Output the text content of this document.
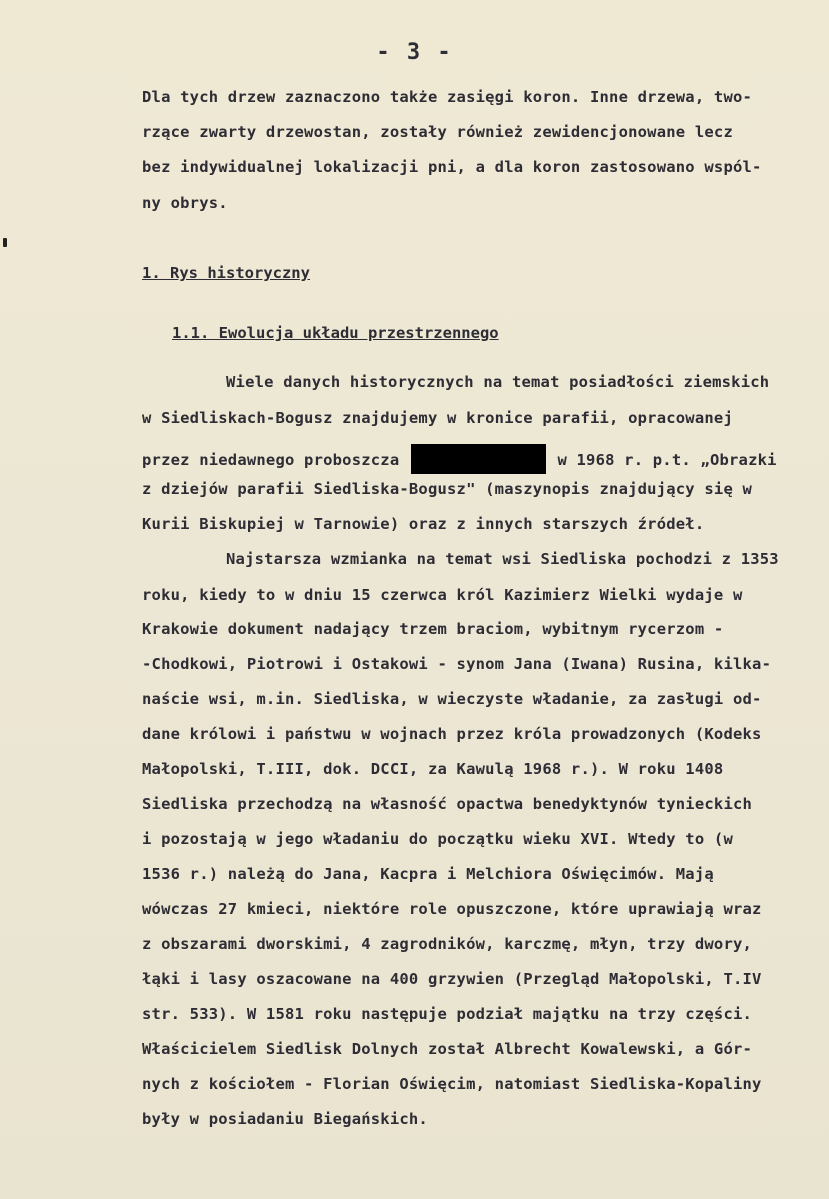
- 3 -
Dla tych drzew zaznaczono także zasięgi koron. Inne drzewa, two-
rzące zwarty drzewostan, zostały również zewidencjonowane lecz
bez indywidualnej lokalizacji pni, a dla koron zastosowano wspól-
ny obrys.
1. Rys historyczny
1.1. Ewolucja układu przestrzennego
Wiele danych historycznych na temat posiadłości ziemskich
w Siedliskach-Bogusz znajdujemy w kronice parafii, opracowanej
przez niedawnego proboszcza	w 1968 r. p.t. „Obrazki
z dziejów parafii Siedliska-Bogusz" (maszynopis znajdujący się w
Kurii Biskupiej w Tarnowie) oraz z innych starszych źródeł.
Najstarsza wzmianka na temat wsi Siedliska pochodzi z 1353
roku, kiedy to w dniu 15 czerwca król Kazimierz Wielki wydaje w
Krakowie dokument nadający trzem braciom, wybitnym rycerzom -
-Chodkowi, Piotrowi i Ostakowi - synom Jana (Iwana) Rusina, kilka-
naście wsi, m.in. Siedliska, w wieczyste władanie, za zasługi od-
dane królowi i państwu w wojnach przez króla prowadzonych (Kodeks
Małopolski, T.III, dok. DCCI, za Kawulą 1968 r.). W roku 1408
Siedliska przechodzą na własność opactwa benedyktynów tynieckich
i pozostają w jego władaniu do początku wieku XVI. Wtedy to (w
1536 r.) należą do Jana, Kacpra i Melchiora Oświęcimów. Mają
wówczas 27 kmieci, niektóre role opuszczone, które uprawiają wraz
z obszarami dworskimi, 4 zagrodników, karczmę, młyn, trzy dwory,
łąki i lasy oszacowane na 400 grzywien (Przegląd Małopolski, T.IV
str. 533). W 1581 roku następuje podział majątku na trzy części.
Właścicielem Siedlisk Dolnych został Albrecht Kowalewski, a Gór-
nych z kościołem - Florian Oświęcim, natomiast Siedliska-Kopaliny
były w posiadaniu Biegańskich.
